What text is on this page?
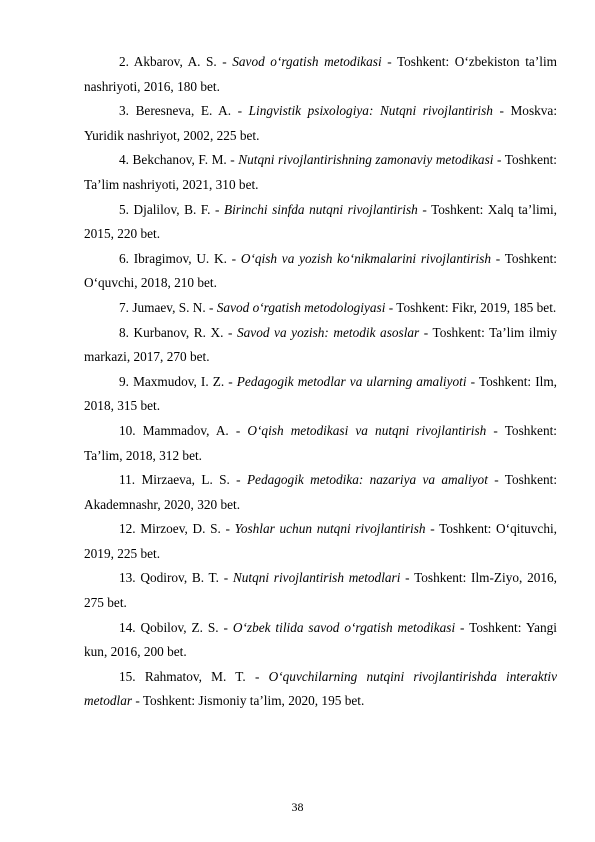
2. Akbarov, A. S. - Savod o‘rgatish metodikasi - Toshkent: O‘zbekiston ta’lim nashriyoti, 2016, 180 bet.

3. Beresneva, E. A. - Lingvistik psixologiya: Nutqni rivojlantirish - Moskva: Yuridik nashriyot, 2002, 225 bet.

4. Bekchanov, F. M. - Nutqni rivojlantirishning zamonaviy metodikasi - Toshkent: Ta’lim nashriyoti, 2021, 310 bet.

5. Djalilov, B. F. - Birinchi sinfda nutqni rivojlantirish - Toshkent: Xalq ta’limi, 2015, 220 bet.

6. Ibragimov, U. K. - O‘qish va yozish ko‘nikmalarini rivojlantirish - Toshkent: O‘quvchi, 2018, 210 bet.

7. Jumaev, S. N. - Savod o‘rgatish metodologiyasi - Toshkent: Fikr, 2019, 185 bet.

8. Kurbanov, R. X. - Savod va yozish: metodik asoslar - Toshkent: Ta’lim ilmiy markazi, 2017, 270 bet.

9. Maxmudov, I. Z. - Pedagogik metodlar va ularning amaliyoti - Toshkent: Ilm, 2018, 315 bet.

10. Mammadov, A. - O‘qish metodikasi va nutqni rivojlantirish - Toshkent: Ta’lim, 2018, 312 bet.

11. Mirzaeva, L. S. - Pedagogik metodika: nazariya va amaliyot - Toshkent: Akademnashr, 2020, 320 bet.

12. Mirzoev, D. S. - Yoshlar uchun nutqni rivojlantirish - Toshkent: O‘qituvchi, 2019, 225 bet.

13. Qodirov, B. T. - Nutqni rivojlantirish metodlari - Toshkent: Ilm-Ziyo, 2016, 275 bet.

14. Qobilov, Z. S. - O‘zbek tilida savod o‘rgatish metodikasi - Toshkent: Yangi kun, 2016, 200 bet.

15. Rahmatov, M. T. - O‘quvchilarning nutqini rivojlantirishda interaktiv metodlar - Toshkent: Jismoniy ta’lim, 2020, 195 bet.

38
